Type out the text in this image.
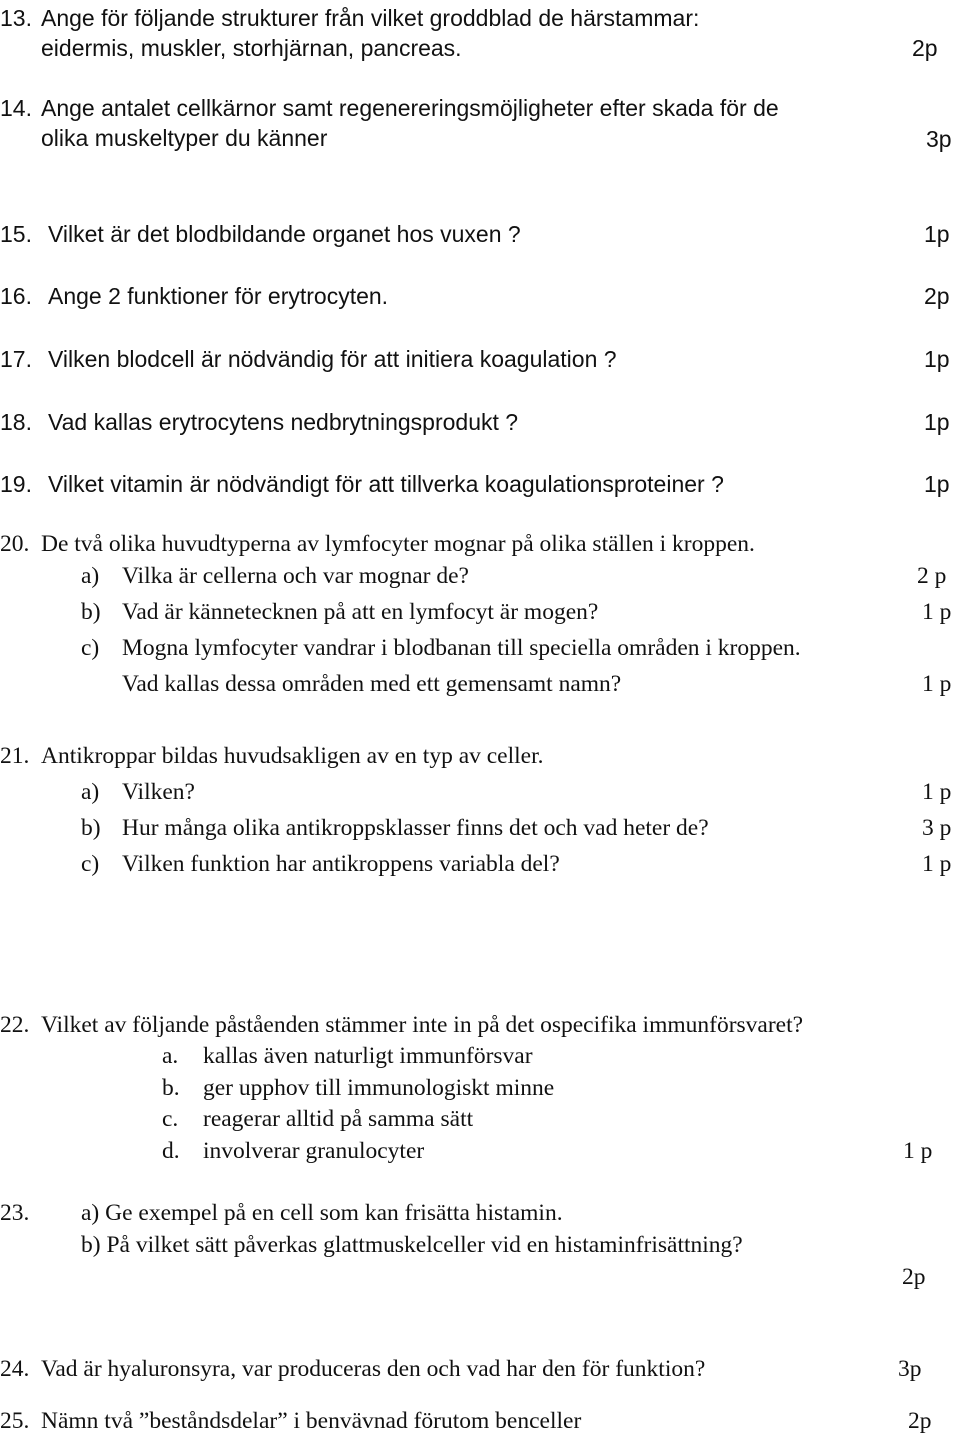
13. Ange för följande strukturer från vilket groddblad de härstammar:
eidermis, muskler, storhjärnan, pancreas.	2p
14. Ange antalet cellkärnor samt regenereringsmöjligheter efter skada för de
olika muskeltyper du känner	3p
15. Vilket är det blodbildande organet hos vuxen ?	1p
16. Ange 2 funktioner för erytrocyten.	2p
17. Vilken blodcell är nödvändig för att initiera koagulation ?	1p
18. Vad kallas erytrocytens nedbrytningsprodukt ?	1p
19. Vilket vitamin är nödvändigt för att tillverka koagulationsproteiner ?	1p
20. De två olika huvudtyperna av lymfocyter mognar på olika ställen i kroppen.
a) Vilka är cellerna och var mognar de?	2 p
b) Vad är kännetecknen på att en lymfocyt är mogen?	1 p
c) Mogna lymfocyter vandrar i blodbanan till speciella områden i kroppen.
Vad kallas dessa områden med ett gemensamt namn?	1 p
21. Antikroppar bildas huvudsakligen av en typ av celler.
a) Vilken?	1 p
b) Hur många olika antikroppsklasser finns det och vad heter de?	3 p
c) Vilken funktion har antikroppens variabla del?	1 p
22. Vilket av följande påståenden stämmer inte in på det ospecifika immunförsvaret?
a. kallas även naturligt immunförsvar
b. ger upphov till immunologiskt minne
c. reagerar alltid på samma sätt
d. involverar granulocyter	1 p
23. a) Ge exempel på en cell som kan frisätta histamin.
b) På vilket sätt påverkas glattmuskelceller vid en histaminfrisättning?
2p
24. Vad är hyaluronsyra, var produceras den och vad har den för funktion?	3p
25. Nämn två ”beståndsdelar” i benvävnad förutom benceller	2p
